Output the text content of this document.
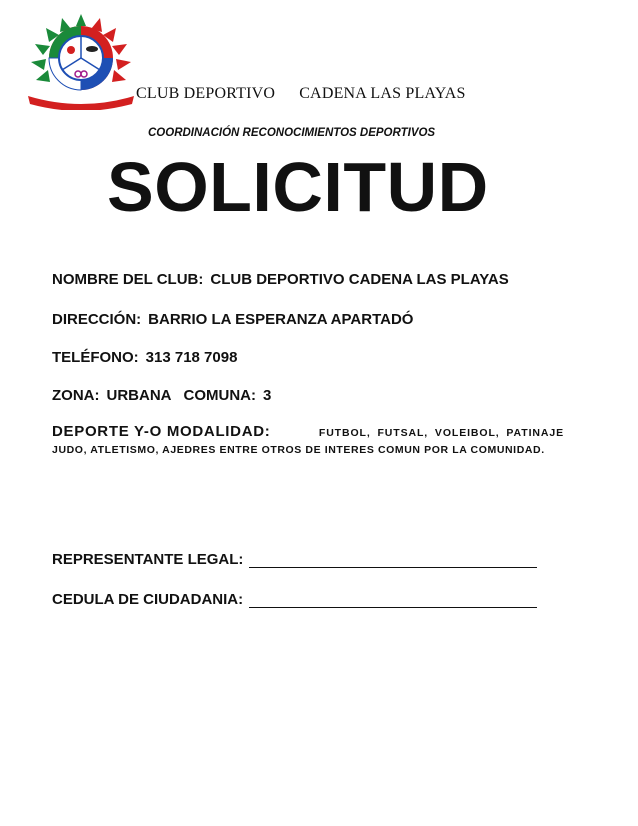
CLUB DEPORTIVO CADENA LAS PLAYAS
COORDINACIÓN RECONOCIMIENTOS DEPORTIVOS
SOLICITUD
NOMBRE DEL CLUB: CLUB DEPORTIVO CADENA LAS PLAYAS
DIRECCIÓN: BARRIO LA ESPERANZA APARTADÓ
TELÉFONO: 313 718 7098
ZONA: URBANA COMUNA: 3
DEPORTE Y-O MODALIDAD:	FUTBOL, FUTSAL, VOLEIBOL, PATINAJE
JUDO, ATLETISMO, AJEDRES ENTRE OTROS DE INTERES COMUN POR LA COMUNIDAD.
REPRESENTANTE LEGAL:
CEDULA DE CIUDADANIA:
